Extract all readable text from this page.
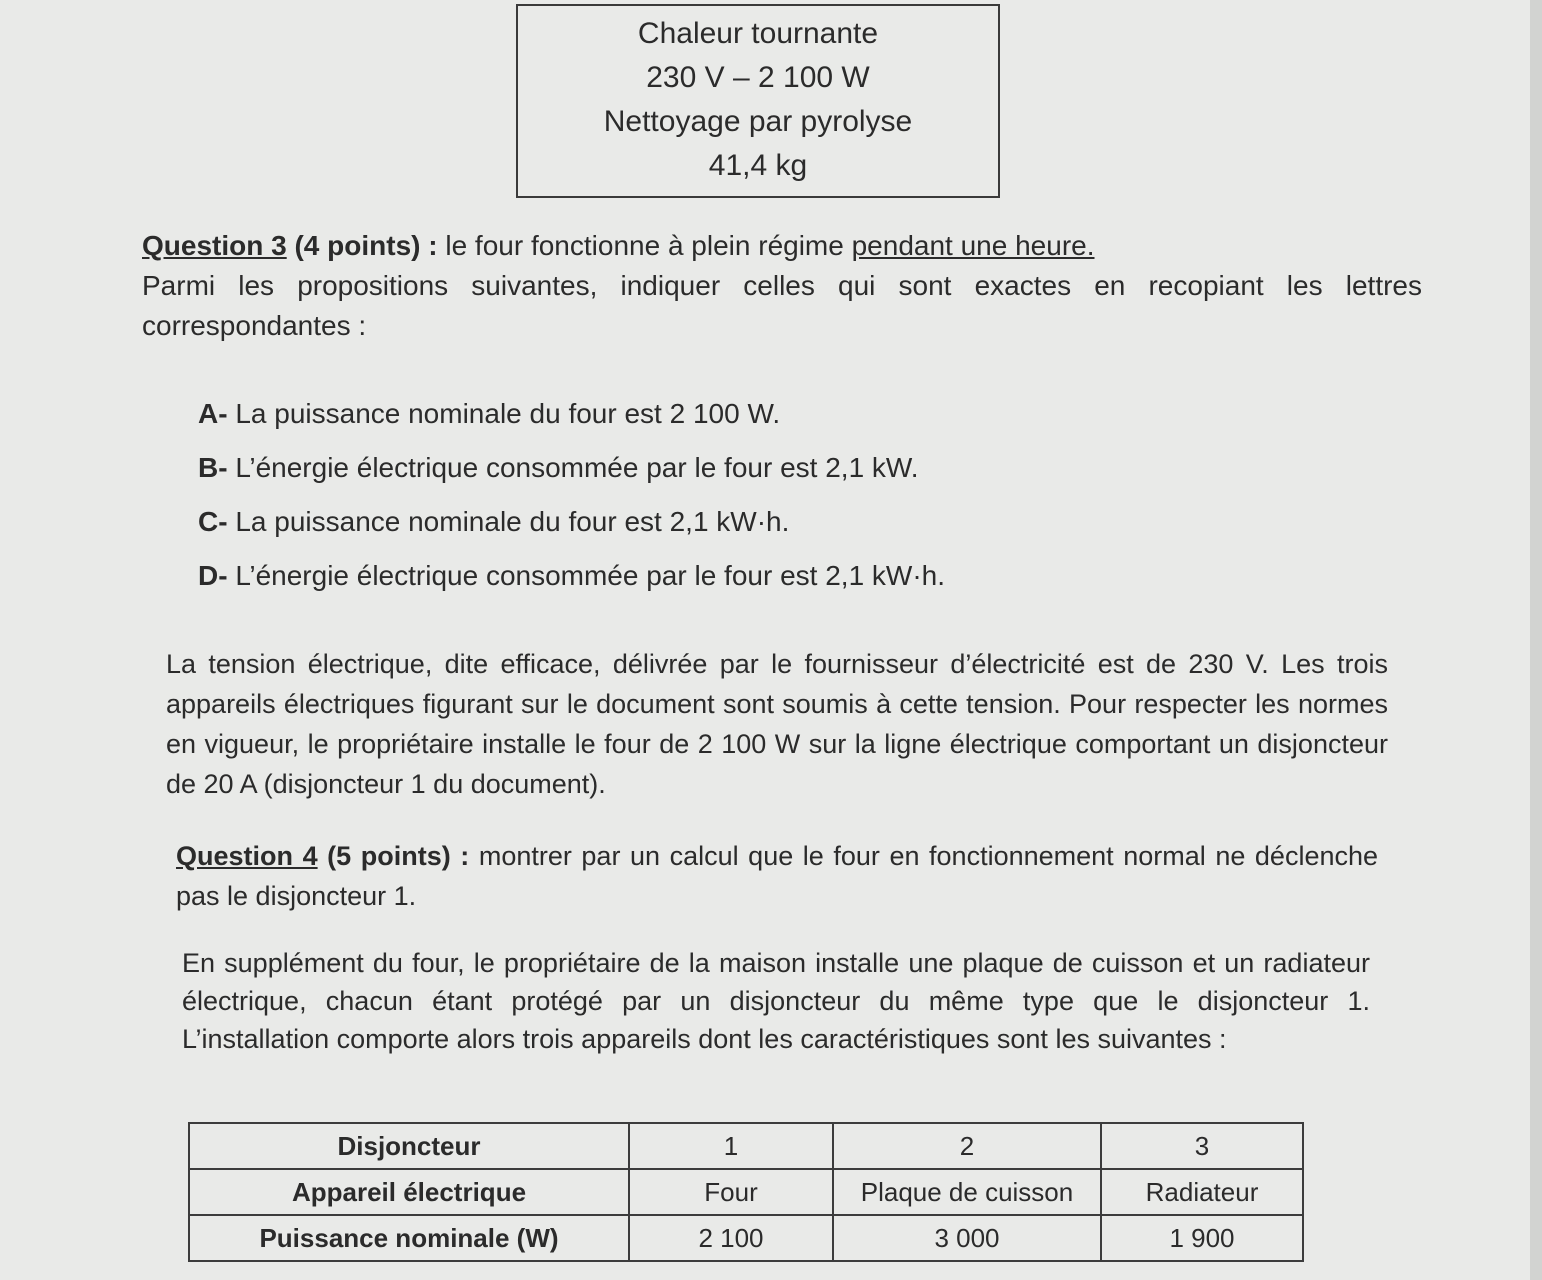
Chaleur tournante
230 V – 2 100 W
Nettoyage par pyrolyse
41,4 kg
Question 3 (4 points) : le four fonctionne à plein régime pendant une heure.
Parmi les propositions suivantes, indiquer celles qui sont exactes en recopiant les lettres correspondantes :
A- La puissance nominale du four est 2 100 W.
B- L’énergie électrique consommée par le four est 2,1 kW.
C- La puissance nominale du four est 2,1 kW·h.
D- L’énergie électrique consommée par le four est 2,1 kW·h.
La tension électrique, dite efficace, délivrée par le fournisseur d’électricité est de 230 V. Les trois appareils électriques figurant sur le document sont soumis à cette tension. Pour respecter les normes en vigueur, le propriétaire installe le four de 2 100 W sur la ligne électrique comportant un disjoncteur de 20 A (disjoncteur 1 du document).
Question 4 (5 points) : montrer par un calcul que le four en fonctionnement normal ne déclenche pas le disjoncteur 1.
En supplément du four, le propriétaire de la maison installe une plaque de cuisson et un radiateur électrique, chacun étant protégé par un disjoncteur du même type que le disjoncteur 1. L’installation comporte alors trois appareils dont les caractéristiques sont les suivantes :
Disjoncteur	1	2	3
Appareil électrique	Four	Plaque de cuisson	Radiateur
Puissance nominale (W)	2 100	3 000	1 900
